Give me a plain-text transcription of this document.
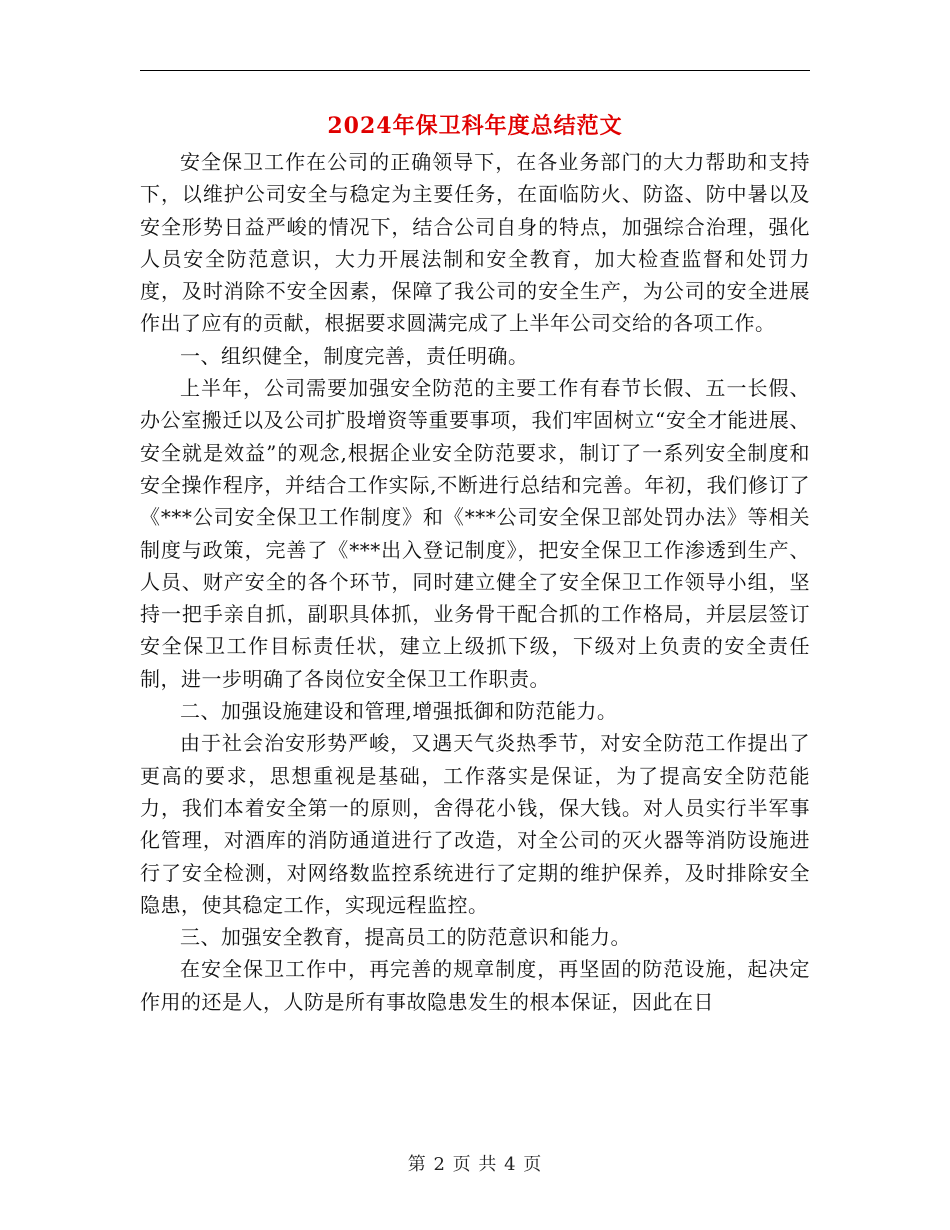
2024年保卫科年度总结范文

安全保卫工作在公司的正确领导下，在各业务部门的大力帮助和支持下，以维护公司安全与稳定为主要任务，在面临防火、防盗、防中暑以及安全形势日益严峻的情况下，结合公司自身的特点，加强综合治理，强化人员安全防范意识，大力开展法制和安全教育，加大检查监督和处罚力度，及时消除不安全因素，保障了我公司的安全生产，为公司的安全进展作出了应有的贡献，根据要求圆满完成了上半年公司交给的各项工作。

一、组织健全，制度完善，责任明确。

上半年，公司需要加强安全防范的主要工作有春节长假、五一长假、办公室搬迁以及公司扩股增资等重要事项，我们牢固树立“安全才能进展、安全就是效益”的观念,根据企业安全防范要求，制订了一系列安全制度和安全操作程序，并结合工作实际,不断进行总结和完善。年初，我们修订了《***公司安全保卫工作制度》和《***公司安全保卫部处罚办法》等相关制度与政策，完善了《***出入登记制度》，把安全保卫工作渗透到生产、人员、财产安全的各个环节，同时建立健全了安全保卫工作领导小组，坚持一把手亲自抓，副职具体抓，业务骨干配合抓的工作格局，并层层签订安全保卫工作目标责任状，建立上级抓下级，下级对上负责的安全责任制，进一步明确了各岗位安全保卫工作职责。

二、加强设施建设和管理,增强抵御和防范能力。

由于社会治安形势严峻，又遇天气炎热季节，对安全防范工作提出了更高的要求，思想重视是基础，工作落实是保证，为了提高安全防范能力，我们本着安全第一的原则，舍得花小钱，保大钱。对人员实行半军事化管理，对酒库的消防通道进行了改造，对全公司的灭火器等消防设施进行了安全检测，对网络数监控系统进行了定期的维护保养，及时排除安全隐患，使其稳定工作，实现远程监控。

三、加强安全教育，提高员工的防范意识和能力。

在安全保卫工作中，再完善的规章制度，再坚固的防范设施，起决定作用的还是人，人防是所有事故隐患发生的根本保证，因此在日

第 2 页 共 4 页
